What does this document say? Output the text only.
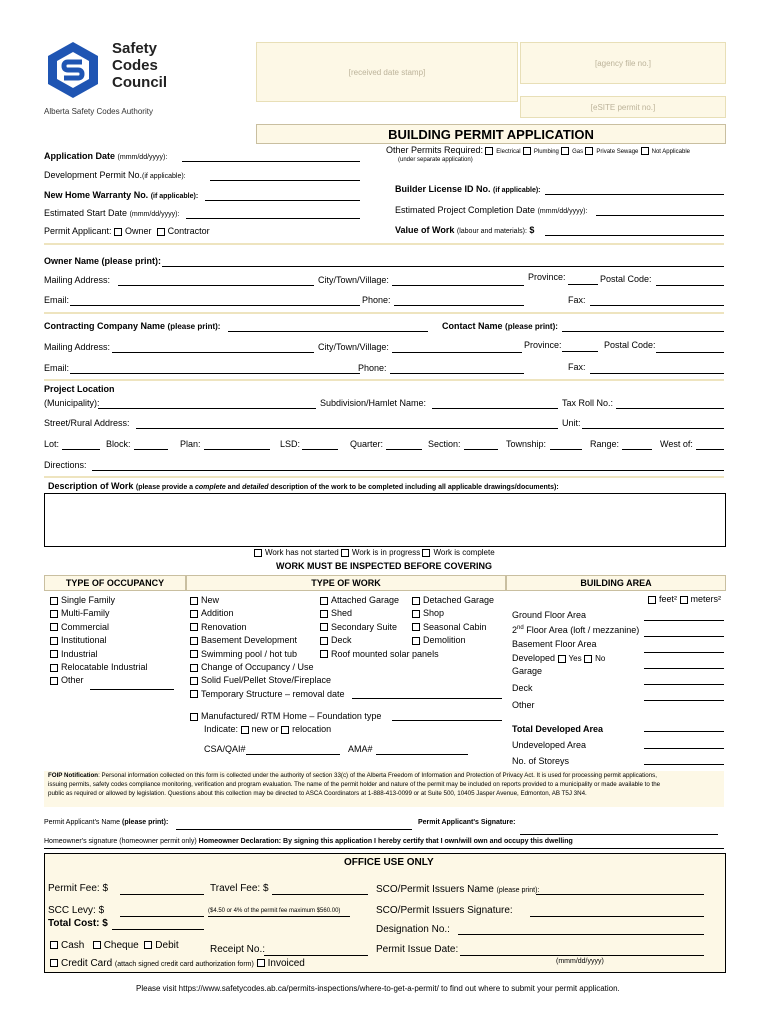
Safety
Codes
Council
Alberta Safety Codes Authority
[received date stamp]
[agency file no.]
[eSITE permit no.]
BUILDING PERMIT APPLICATION
Application Date (mmm/dd/yyyy):
Other Permits Required: Electrical Plumbing Gas Private Sewage Not Applicable
(under separate application)
Development Permit No.(if applicable):
New Home Warranty No. (if applicable):
Builder License ID No. (if applicable):
Estimated Start Date (mmm/dd/yyyy):	Estimated Project Completion Date (mmm/dd/yyyy):
Permit Applicant: Owner Contractor	Value of Work (labour and materials): $
Owner Name (please print):
Mailing Address:	City/Town/Village:	Province:	Postal Code:
Email:	Phone:	Fax:
Contracting Company Name (please print):	Contact Name (please print):
Mailing Address:	City/Town/Village:	Province:	Postal Code:
Email:	Phone:	Fax:
Project Location
(Municipality):	Subdivision/Hamlet Name:	Tax Roll No.:
Street/Rural Address:	Unit:
Lot:	Block:	Plan:	LSD:	Quarter:	Section:	Township:	Range:	West of:
Directions:
Description of Work (please provide a complete and detailed description of the work to be completed including all applicable drawings/documents):
Work has not started Work is in progress Work is complete
WORK MUST BE INSPECTED BEFORE COVERING
TYPE OF OCCUPANCY	TYPE OF WORK	BUILDING AREA
Single Family
Multi-Family
Commercial
Institutional
Industrial
Relocatable Industrial
Other
New
Addition
Renovation
Basement Development
Swimming pool / hot tub
Change of Occupancy / Use
Solid Fuel/Pellet Stove/Fireplace
Temporary Structure – removal date
Attached Garage
Shed
Secondary Suite
Deck
Roof mounted solar panels
Detached Garage
Shop
Seasonal Cabin
Demolition
Manufactured/ RTM Home – Foundation type
Indicate: new or relocation
CSA/QAI#	AMA#
feet² meters²
Ground Floor Area
2nd Floor Area (loft / mezzanine)
Basement Floor Area
Developed Yes No
Garage
Deck
Other
Total Developed Area
Undeveloped Area
No. of Storeys
FOIP Notification: Personal information collected on this form is collected under the authority of section 33(c) of the Alberta Freedom of Information and Protection of Privacy Act. It is used for processing permit applications,
issuing permits, safety codes compliance monitoring, verification and program evaluation. The name of the permit holder and nature of the permit may be included on reports provided to a municipality or made available to the
public as required or allowed by legislation. Questions about this collection may be directed to ASCA Coordinators at 1-888-413-0099 or at Suite 500, 10405 Jasper Avenue, Edmonton, AB T5J 3N4.
Permit Applicant's Name (please print):	Permit Applicant's Signature:
Homeowner's signature (homeowner permit only) Homeowner Declaration: By signing this application I hereby certify that I own/will own and occupy this dwelling
OFFICE USE ONLY
Permit Fee: $	Travel Fee: $	SCO/Permit Issuers Name (please print):
SCC Levy: $	($4.50 or 4% of the permit fee maximum $560.00)	SCO/Permit Issuers Signature:
Total Cost: $
Designation No.:
Cash Cheque Debit	Receipt No.:	Permit Issue Date:
Credit Card (attach signed credit card authorization form) Invoiced	(mmm/dd/yyyy)
Please visit https://www.safetycodes.ab.ca/permits-inspections/where-to-get-a-permit/ to find out where to submit your permit application.
